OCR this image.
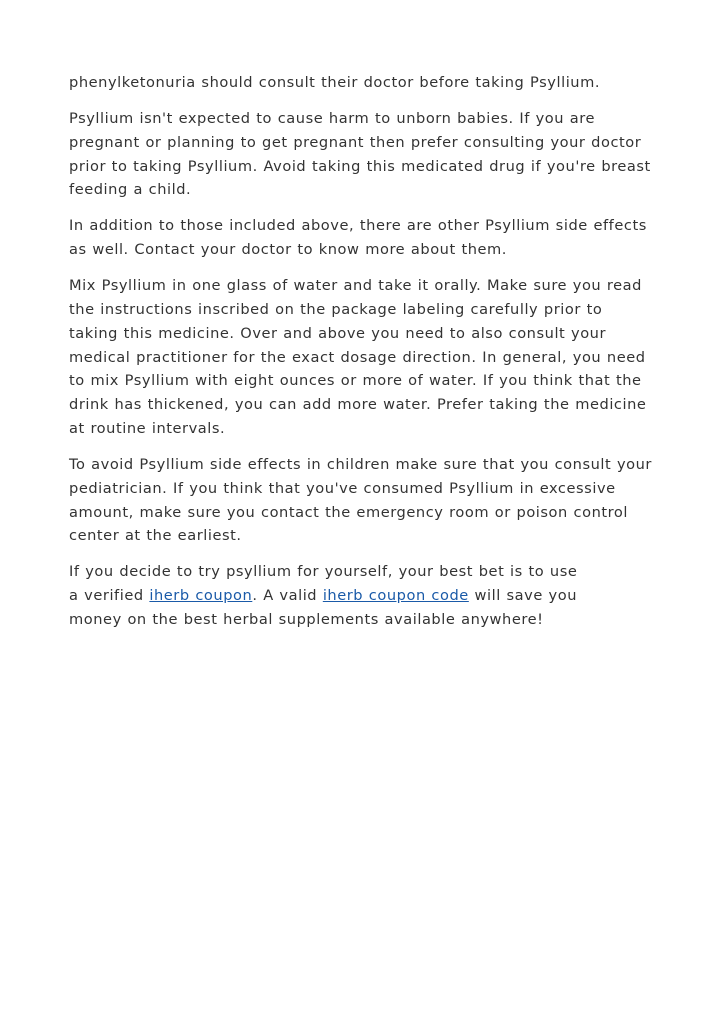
phenylketonuria should consult their doctor before taking Psyllium.

Psyllium isn't expected to cause harm to unborn babies. If you are
pregnant or planning to get pregnant then prefer consulting your doctor
prior to taking Psyllium. Avoid taking this medicated drug if you're breast
feeding a child.

In addition to those included above, there are other Psyllium side effects
as well. Contact your doctor to know more about them.

Mix Psyllium in one glass of water and take it orally. Make sure you read
the instructions inscribed on the package labeling carefully prior to
taking this medicine. Over and above you need to also consult your
medical practitioner for the exact dosage direction. In general, you need
to mix Psyllium with eight ounces or more of water. If you think that the
drink has thickened, you can add more water. Prefer taking the medicine
at routine intervals.

To avoid Psyllium side effects in children make sure that you consult your
pediatrician. If you think that you've consumed Psyllium in excessive
amount, make sure you contact the emergency room or poison control
center at the earliest.

If you decide to try psyllium for yourself, your best bet is to use
a verified iherb coupon. A valid iherb coupon code will save you
money on the best herbal supplements available anywhere!
